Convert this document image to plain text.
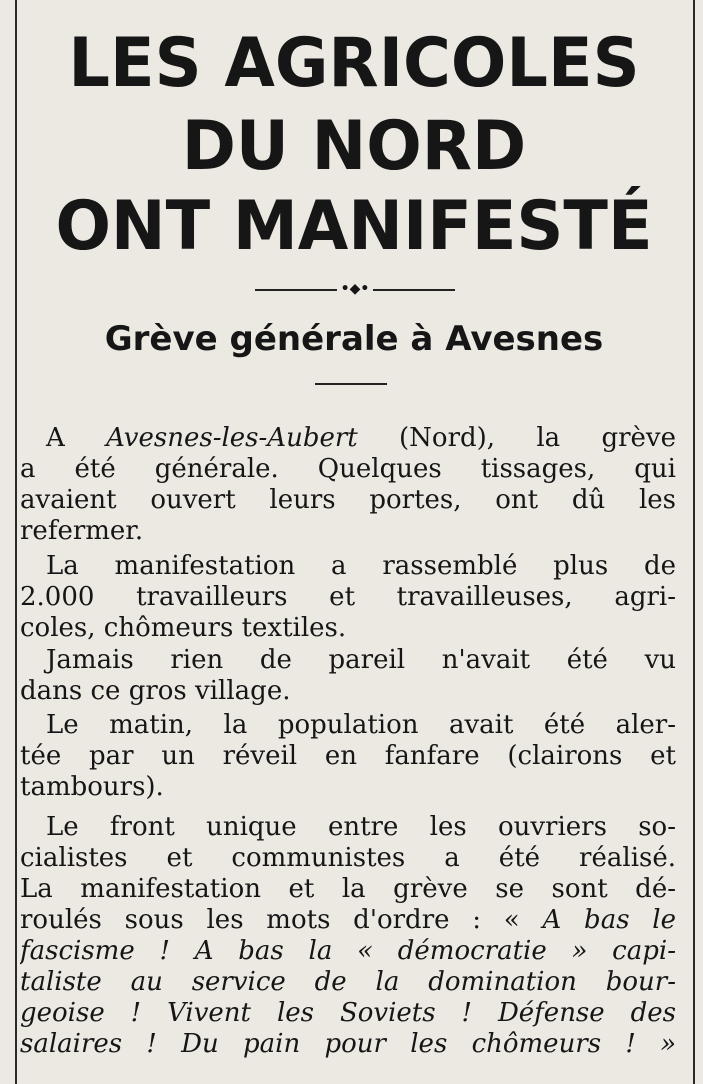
LES AGRICOLES
DU NORD
ONT MANIFESTÉ
•◆•
Grève générale à Avesnes
A Avesnes-les-Aubert (Nord), la grève
a été générale. Quelques tissages, qui
avaient ouvert leurs portes, ont dû les
refermer.
La manifestation a rassemblé plus de
2.000 travailleurs et travailleuses, agri-
coles, chômeurs textiles.
Jamais rien de pareil n'avait été vu
dans ce gros village.
Le matin, la population avait été aler-
tée par un réveil en fanfare (clairons et
tambours).
Le front unique entre les ouvriers so-
cialistes et communistes a été réalisé.
La manifestation et la grève se sont dé-
roulés sous les mots d'ordre : « A bas le
fascisme ! A bas la « démocratie » capi-
taliste au service de la domination bour-
geoise ! Vivent les Soviets ! Défense des
salaires ! Du pain pour les chômeurs ! »
